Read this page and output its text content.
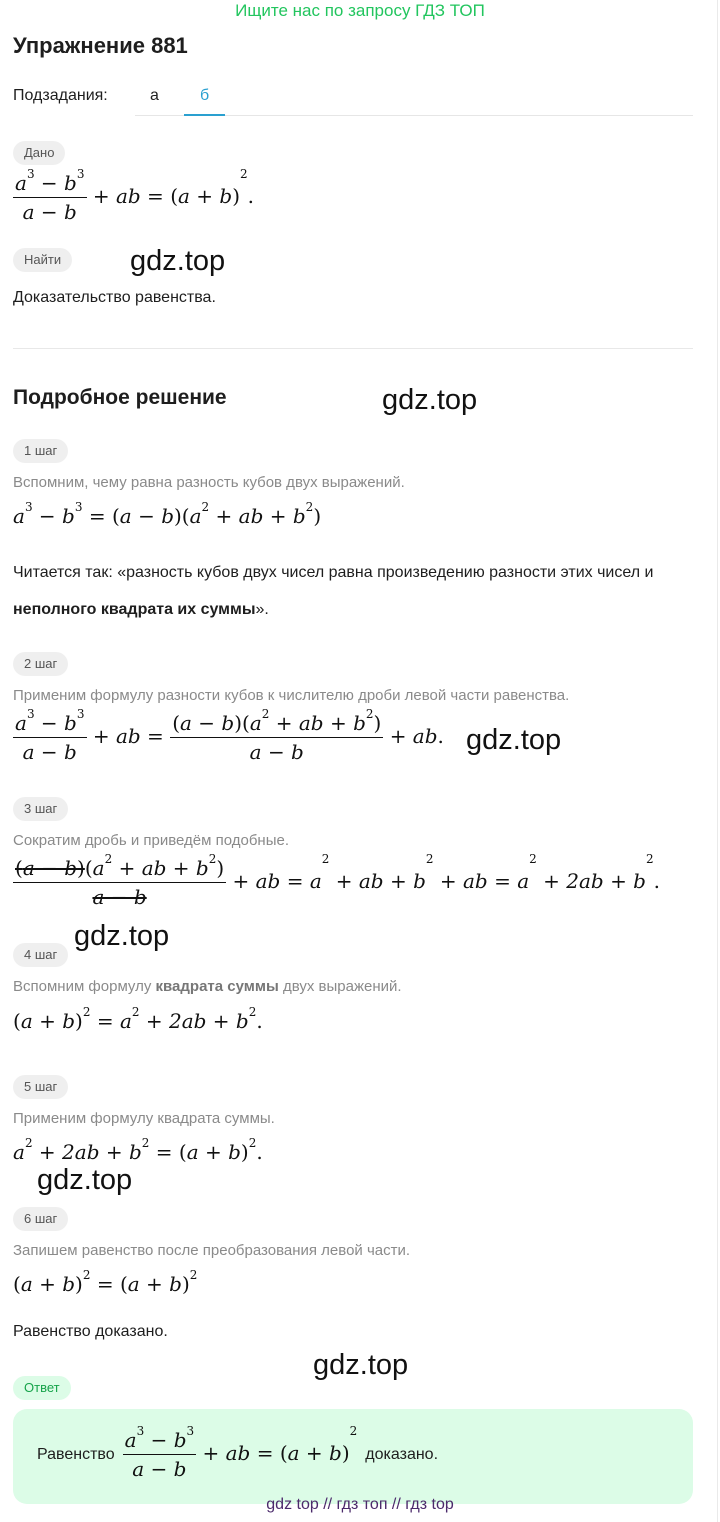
Ищите нас по запросу ГДЗ ТОП
Упражнение 881
Подзадания:	а	б
Дано
$\frac{a^3 - b^3}{a - b}$ + ab = $(a + b)^2$.
Найти	gdz.top
Доказательство равенства.
Подробное решение	gdz.top
1 шаг
Вспомним, чему равна разность кубов двух выражений.
$a^3 - b^3 = (a - b)(a^2$ + ab + $b^2$)
Читается так: «разность кубов двух чисел равна произведению разности этих чисел и неполного квадрата их суммы».
2 шаг
Применим формулу разности кубов к числителю дроби левой части равенства.
$\frac{a^3 - b^3}{a - b}$ + ab = $\frac{(a - b)(a^2 + ab + b^2)}{a - b}$ + ab. gdz.top
3 шаг
Сократим дробь и приведём подобные.
$\frac{(a - b)(a^2 + ab + b^2)}{a - b}$ + ab = $a^2$ + ab + $b^2$ + ab = $a^2 + 2ab + b^2$.
gdz.top
4 шаг
Вспомним формулу квадрата суммы двух выражений.
$(a + b)^2 = a^2 + 2ab + b^2$.
5 шаг
Применим формулу квадрата суммы.
$a^2 + 2ab + b^2 = (a + b)^2$.
gdz.top
6 шаг
Запишем равенство после преобразования левой части.
$(a + b)^2 = (a + b)^2$
Равенство доказано.
gdz.top
Ответ
Равенство $\frac{a^3 - b^3}{a - b}$ + ab = $(a + b)^2$
доказано.
gdz top // гдз топ // гдз top
